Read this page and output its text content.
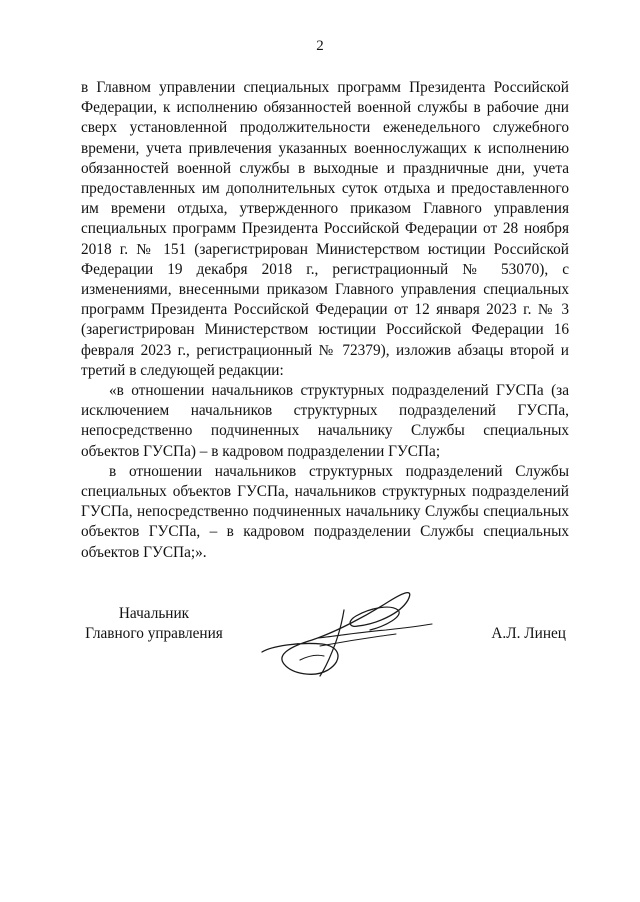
2

в Главном управлении специальных программ Президента Российской Федерации, к исполнению обязанностей военной службы в рабочие дни сверх установленной продолжительности еженедельного служебного времени, учета привлечения указанных военнослужащих к исполнению обязанностей военной службы в выходные и праздничные дни, учета предоставленных им дополнительных суток отдыха и предоставленного им времени отдыха, утвержденного приказом Главного управления специальных программ Президента Российской Федерации от 28 ноября 2018 г. № 151 (зарегистрирован Министерством юстиции Российской Федерации 19 декабря 2018 г., регистрационный № 53070), с изменениями, внесенными приказом Главного управления специальных программ Президента Российской Федерации от 12 января 2023 г. № 3 (зарегистрирован Министерством юстиции Российской Федерации 16 февраля 2023 г., регистрационный № 72379), изложив абзацы второй и третий в следующей редакции:

«в отношении начальников структурных подразделений ГУСПа (за исключением начальников структурных подразделений ГУСПа, непосредственно подчиненных начальнику Службы специальных объектов ГУСПа) – в кадровом подразделении ГУСПа;

в отношении начальников структурных подразделений Службы специальных объектов ГУСПа, начальников структурных подразделений ГУСПа, непосредственно подчиненных начальнику Службы специальных объектов ГУСПа, – в кадровом подразделении Службы специальных объектов ГУСПа;».

Начальник
Главного управления	А.Л. Линец
